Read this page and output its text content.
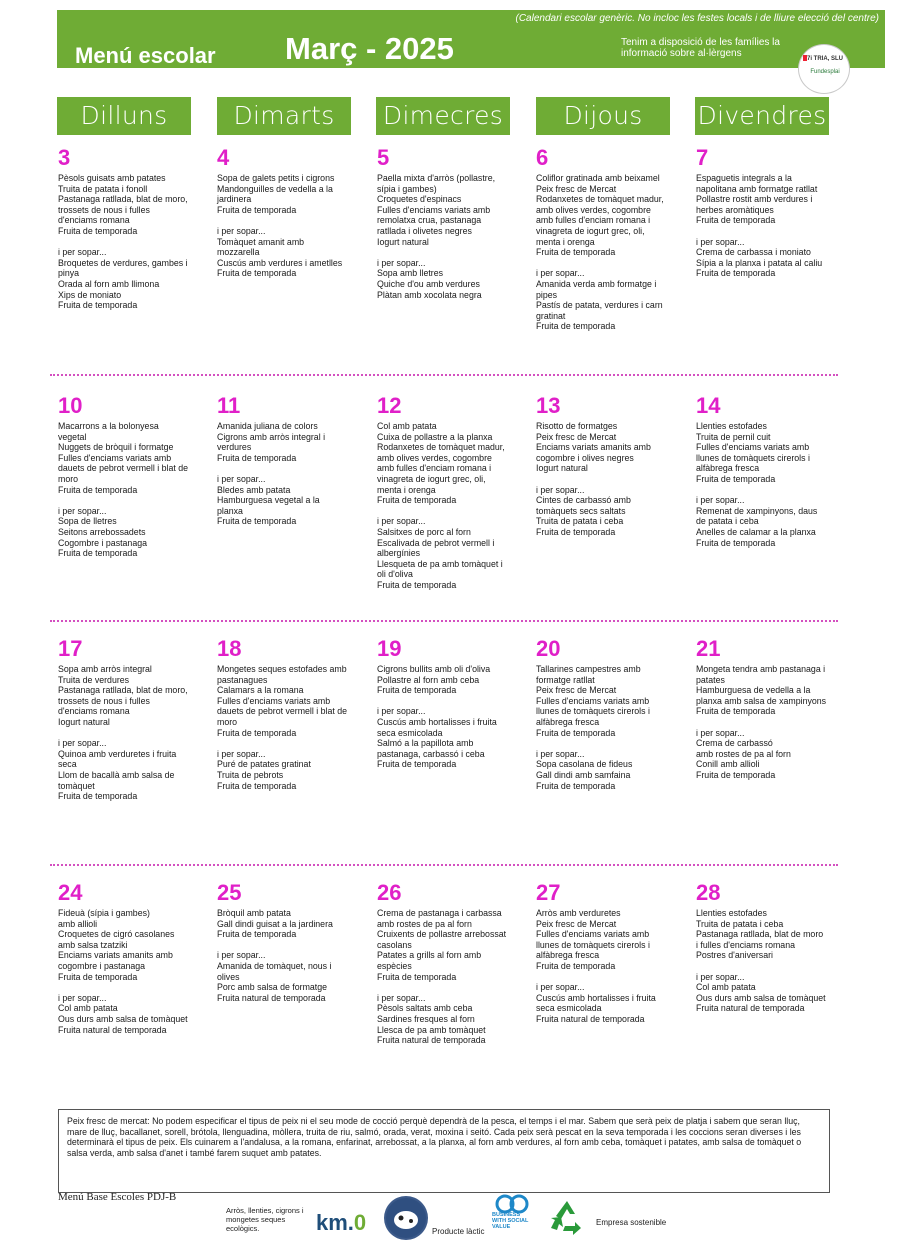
Menú escolar Març - 2025
(Calendari escolar genèric. No incloc les festes locals i de lliure elecció del centre)
Tenim a disposició de les famílies la informació sobre al·lèrgens	7i TRIA, SLU
Fundesplai
Dilluns	Dimarts	Dimecres	Dijous	Divendres
3
Pèsols guisats amb patates
Truita de patata i fonoll
Pastanaga ratllada, blat de moro,
trossets de nous i fulles
d'enciams romana
Fruita de temporada
i per sopar...
Broquetes de verdures, gambes i
pinya
Orada al forn amb llimona
Xips de moniato
Fruita de temporada
4
Sopa de galets petits i cigrons
Mandonguilles de vedella a la
jardinera
Fruita de temporada
i per sopar...
Tomàquet amanit amb
mozzarella
Cuscús amb verdures i ametlles
Fruita de temporada
5
Paella mixta d'arròs (pollastre,
sípia i gambes)
Croquetes d'espinacs
Fulles d'enciams variats amb
remolatxa crua, pastanaga
ratllada i olivetes negres
Iogurt natural
i per sopar...
Sopa amb lletres
Quiche d'ou amb verdures
Plàtan amb xocolata negra
6
Coliflor gratinada amb beixamel
Peix fresc de Mercat
Rodanxetes de tomàquet madur,
amb olives verdes, cogombre
amb fulles d'enciam romana i
vinagreta de iogurt grec, oli,
menta i orenga
Fruita de temporada
i per sopar...
Amanida verda amb formatge i
pipes
Pastís de patata, verdures i carn
gratinat
Fruita de temporada
7
Espaguetis integrals a la
napolitana amb formatge ratllat
Pollastre rostit amb verdures i
herbes aromàtiques
Fruita de temporada
i per sopar...
Crema de carbassa i moniato
Sípia a la planxa i patata al caliu
Fruita de temporada
10
Macarrons a la bolonyesa
vegetal
Nuggets de bròquil i formatge
Fulles d'enciams variats amb
dauets de pebrot vermell i blat de
moro
Fruita de temporada
i per sopar...
Sopa de lletres
Seitons arrebossadets
Cogombre i pastanaga
Fruita de temporada
11
Amanida juliana de colors
Cigrons amb arròs integral i
verdures
Fruita de temporada
i per sopar...
Bledes amb patata
Hamburguesa vegetal a la
planxa
Fruita de temporada
12
Col amb patata
Cuixa de pollastre a la planxa
Rodanxetes de tomàquet madur,
amb olives verdes, cogombre
amb fulles d'enciam romana i
vinagreta de iogurt grec, oli,
menta i orenga
Fruita de temporada
i per sopar...
Salsitxes de porc al forn
Escalivada de pebrot vermell i
albergínies
Llesqueta de pa amb tomàquet i
oli d'oliva
Fruita de temporada
13
Risotto de formatges
Peix fresc de Mercat
Enciams variats amanits amb
cogombre i olives negres
Iogurt natural
i per sopar...
Cintes de carbassó amb
tomàquets secs saltats
Truita de patata i ceba
Fruita de temporada
14
Llenties estofades
Truita de pernil cuit
Fulles d'enciams variats amb
llunes de tomàquets cirerols i
alfàbrega fresca
Fruita de temporada
i per sopar...
Remenat de xampinyons, daus
de patata i ceba
Anelles de calamar a la planxa
Fruita de temporada
17
Sopa amb arròs integral
Truita de verdures
Pastanaga ratllada, blat de moro,
trossets de nous i fulles
d'enciams romana
Iogurt natural
i per sopar...
Quinoa amb verduretes i fruita
seca
Llom de bacallà amb salsa de
tomàquet
Fruita de temporada
18
Mongetes seques estofades amb
pastanagues
Calamars a la romana
Fulles d'enciams variats amb
dauets de pebrot vermell i blat de
moro
Fruita de temporada
i per sopar...
Puré de patates gratinat
Truita de pebrots
Fruita de temporada
19
Cigrons bullits amb oli d'oliva
Pollastre al forn amb ceba
Fruita de temporada
i per sopar...
Cuscús amb hortalisses i fruita
seca esmicolada
Salmó a la papillota amb
pastanaga, carbassó i ceba
Fruita de temporada
20
Tallarines campestres amb
formatge ratllat
Peix fresc de Mercat
Fulles d'enciams variats amb
llunes de tomàquets cirerols i
alfàbrega fresca
Fruita de temporada
i per sopar...
Sopa casolana de fideus
Gall dindi amb samfaina
Fruita de temporada
21
Mongeta tendra amb pastanaga i
patates
Hamburguesa de vedella a la
planxa amb salsa de xampinyons
Fruita de temporada
i per sopar...
Crema de carbassó
amb rostes de pa al forn
Conill amb allioli
Fruita de temporada
24
Fideuà (sípia i gambes)
amb allioli
Croquetes de cigró casolanes
amb salsa tzatziki
Enciams variats amanits amb
cogombre i pastanaga
Fruita de temporada
i per sopar...
Col amb patata
Ous durs amb salsa de tomàquet
Fruita natural de temporada
25
Bròquil amb patata
Gall dindi guisat a la jardinera
Fruita de temporada
i per sopar...
Amanida de tomàquet, nous i
olives
Porc amb salsa de formatge
Fruita natural de temporada
26
Crema de pastanaga i carbassa
amb rostes de pa al forn
Cruixents de pollastre arrebossat
casolans
Patates a grills al forn amb
espècies
Fruita de temporada
i per sopar...
Pèsols saltats amb ceba
Sardines fresques al forn
Llesca de pa amb tomàquet
Fruita natural de temporada
27
Arròs amb verduretes
Peix fresc de Mercat
Fulles d'enciams variats amb
llunes de tomàquets cirerols i
alfàbrega fresca
Fruita de temporada
i per sopar...
Cuscús amb hortalisses i fruita
seca esmicolada
Fruita natural de temporada
28
Llenties estofades
Truita de patata i ceba
Pastanaga ratllada, blat de moro
i fulles d'enciams romana
Postres d'aniversari
i per sopar...
Col amb patata
Ous durs amb salsa de tomàquet
Fruita natural de temporada
Peix fresc de mercat: No podem especificar el tipus de peix ni el seu mode de cocció perquè dependrà de la pesca, el temps i el mar. Sabem que serà peix de platja i sabem que seran lluç, mare de lluç, bacallanet, sorell, brótola, llenguadina, mòllera, truita de riu, salmó, orada, verat, moxina i seitó. Cada peix serà pescat en la seva temporada i les coccions seran diverses i les determinarà el tipus de peix. Els cuinarem a l'andalusa, a la romana, enfarinat, arrebossat, a la planxa, al forn amb verdures, al forn amb ceba, tomàquet i patates, amb salsa de tomàquet o salsa verda, amb salsa d'anet i també farem suquet amb patates.
Menú Base Escoles PDJ-B
Arròs, llenties, cigrons i mongetes seques ecològics.	km.0	Producte làctic
BUSINESS WITH SOCIAL VALUE	Empresa sostenible
